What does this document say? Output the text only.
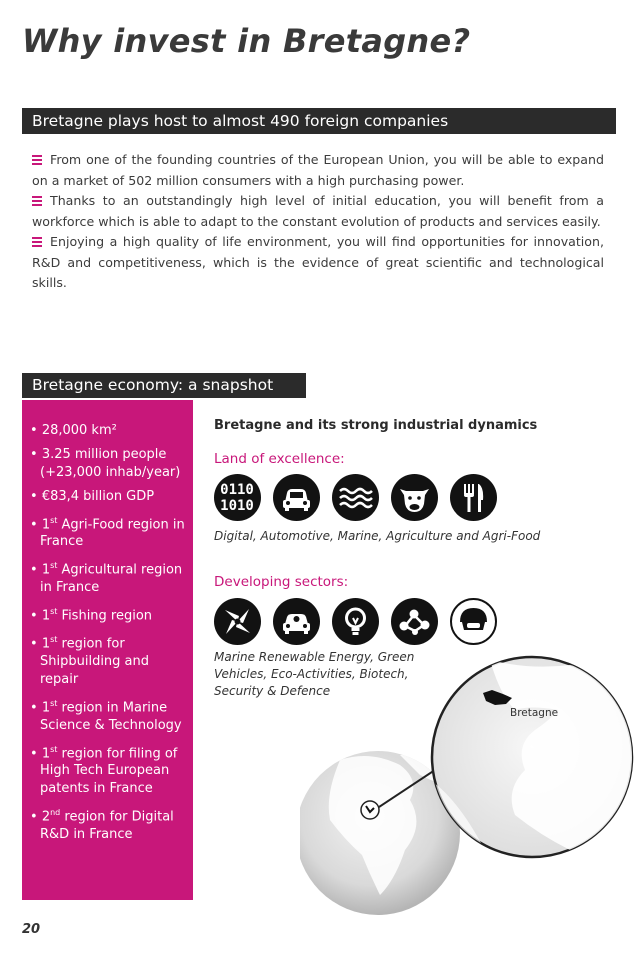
Why invest in Bretagne?
Bretagne plays host to almost 490 foreign companies

From one of the founding countries of the European Union, you will be able to expand on a market of 502 million consumers with a high purchasing power.

Thanks to an outstandingly high level of initial education, you will benefit from a workforce which is able to adapt to the constant evolution of products and services easily.

Enjoying a high quality of life environment, you will find opportunities for innovation, R&D and competitiveness, which is the evidence of great scientific and technological skills.

Bretagne economy: a snapshot
• 28,000 km²
• 3.25 million people (+23,000 inhab/year)
• €83,4 billion GDP
• 1st Agri-Food region in France
• 1st Agricultural region in France
• 1st Fishing region
• 1st region for Shipbuilding and repair
• 1st region in Marine Science & Technology
• 1st region for filing of High Tech European patents in France
• 2nd region for Digital R&D in France
Bretagne and its strong industrial dynamics
Land of excellence:
0110
1010
Digital, Automotive, Marine, Agriculture and Agri-Food
Developing sectors:
Marine Renewable Energy, Green
Vehicles, Eco-Activities, Biotech,
Security & Defence
Bretagne
20
